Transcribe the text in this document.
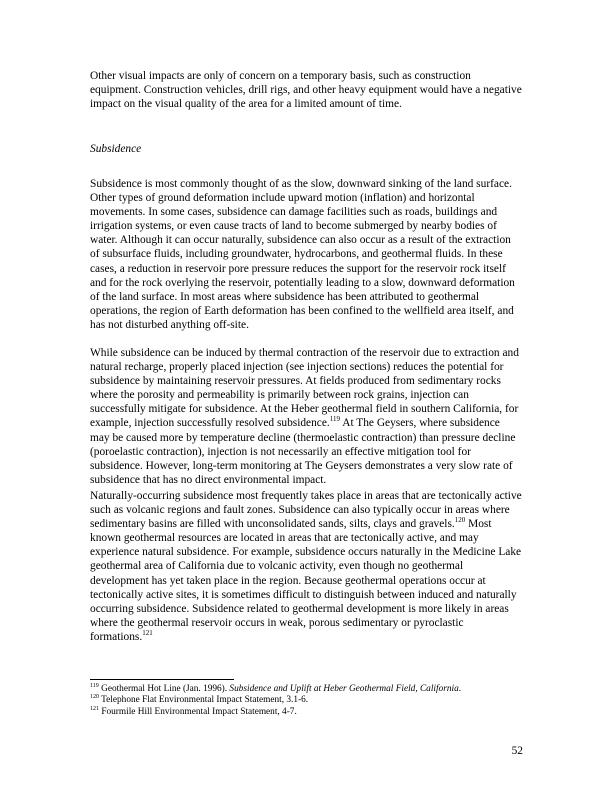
Other visual impacts are only of concern on a temporary basis, such as construction equipment. Construction vehicles, drill rigs, and other heavy equipment would have a negative impact on the visual quality of the area for a limited amount of time.

Subsidence

Subsidence is most commonly thought of as the slow, downward sinking of the land surface. Other types of ground deformation include upward motion (inflation) and horizontal movements. In some cases, subsidence can damage facilities such as roads, buildings and irrigation systems, or even cause tracts of land to become submerged by nearby bodies of water. Although it can occur naturally, subsidence can also occur as a result of the extraction of subsurface fluids, including groundwater, hydrocarbons, and geothermal fluids. In these cases, a reduction in reservoir pore pressure reduces the support for the reservoir rock itself and for the rock overlying the reservoir, potentially leading to a slow, downward deformation of the land surface. In most areas where subsidence has been attributed to geothermal operations, the region of Earth deformation has been confined to the wellfield area itself, and has not disturbed anything off-site.

While subsidence can be induced by thermal contraction of the reservoir due to extraction and natural recharge, properly placed injection (see injection sections) reduces the potential for subsidence by maintaining reservoir pressures. At fields produced from sedimentary rocks where the porosity and permeability is primarily between rock grains, injection can successfully mitigate for subsidence. At the Heber geothermal field in southern California, for example, injection successfully resolved subsidence.$^{119}$ At The Geysers, where subsidence may be caused more by temperature decline (thermoelastic contraction) than pressure decline (poroelastic contraction), injection is not necessarily an effective mitigation tool for subsidence. However, long-term monitoring at The Geysers demonstrates a very slow rate of subsidence that has no direct environmental impact.

Naturally-occurring subsidence most frequently takes place in areas that are tectonically active such as volcanic regions and fault zones. Subsidence can also typically occur in areas where sedimentary basins are filled with unconsolidated sands, silts, clays and gravels.$^{120}$ Most known geothermal resources are located in areas that are tectonically active, and may experience natural subsidence. For example, subsidence occurs naturally in the Medicine Lake geothermal area of California due to volcanic activity, even though no geothermal development has yet taken place in the region. Because geothermal operations occur at tectonically active sites, it is sometimes difficult to distinguish between induced and naturally occurring subsidence. Subsidence related to geothermal development is more likely in areas where the geothermal reservoir occurs in weak, porous sedimentary or pyroclastic formations.$^{121}$

$^{119}$ Geothermal Hot Line (Jan. 1996). Subsidence and Uplift at Heber Geothermal Field, California.

$^{120}$ Telephone Flat Environmental Impact Statement, 3.1-6.

$^{121}$ Fourmile Hill Environmental Impact Statement, 4-7.

52
